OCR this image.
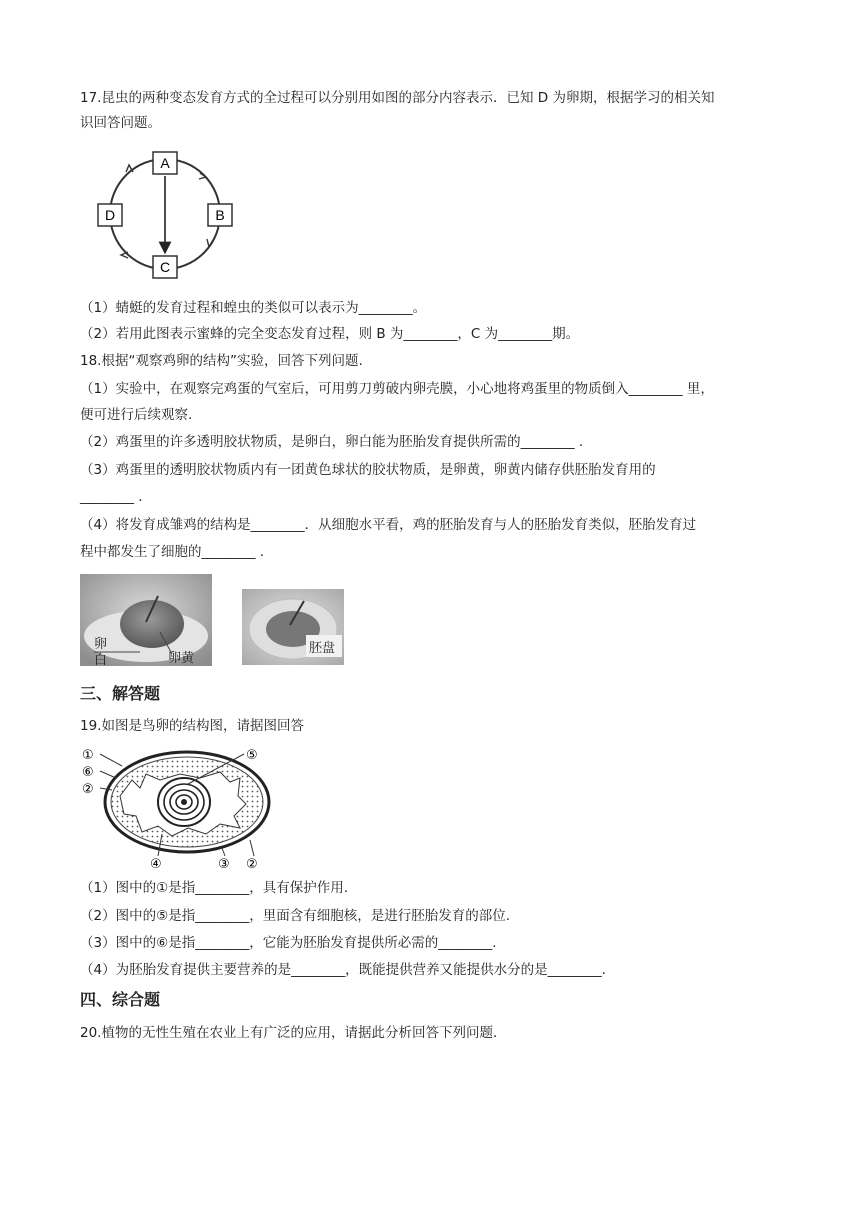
17.昆虫的两种变态发育方式的全过程可以分别用如图的部分内容表示．已知 D 为卵期，根据学习的相关知
识回答问题。
A
B
C
D
（1）蜻蜓的发育过程和蝗虫的类似可以表示为________。
（2）若用此图表示蜜蜂的完全变态发育过程，则 B 为________，C 为________期。
18.根据“观察鸡卵的结构”实验，回答下列问题.
（1）实验中，在观察完鸡蛋的气室后，可用剪刀剪破内卵壳膜，小心地将鸡蛋里的物质倒入________ 里，
便可进行后续观察.
（2）鸡蛋里的许多透明胶状物质，是卵白，卵白能为胚胎发育提供所需的________ .
（3）鸡蛋里的透明胶状物质内有一团黄色球状的胶状物质，是卵黄，卵黄内储存供胚胎发育用的
________ .
（4）将发育成雏鸡的结构是________．从细胞水平看，鸡的胚胎发育与人的胚胎发育类似，胚胎发育过
程中都发生了细胞的________ .
卵
白	卵黄
胚盘
三、解答题
19.如图是鸟卵的结构图，请据图回答
①
⑥
②
⑤
④	③ ②
（1）图中的①是指________，具有保护作用.
（2）图中的⑤是指________，里面含有细胞核，是进行胚胎发育的部位.
（3）图中的⑥是指________，它能为胚胎发育提供所必需的________.
（4）为胚胎发育提供主要营养的是________，既能提供营养又能提供水分的是________.
四、综合题
20.植物的无性生殖在农业上有广泛的应用，请据此分析回答下列问题.
